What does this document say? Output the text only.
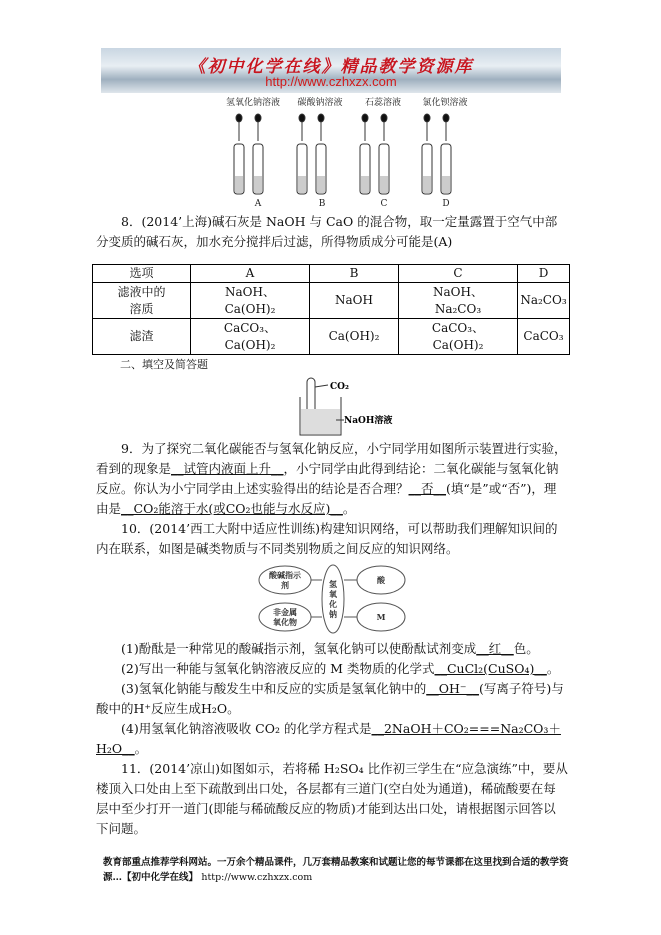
《初中化学在线》精品教学资源库
http://www.czhxzx.com
氢氧化钠溶液 碳酸钠溶液 石蕊溶液 氯化钡溶液
A	B	C	D
8．(2014’上海)碱石灰是 NaOH 与 CaO 的混合物，取一定量露置于空气中部分变质的碱石灰，加水充分搅拌后过滤，所得物质成分可能是(A)
选项	A	B	C	D
滤液中的溶质	NaOH、Ca(OH)₂	NaOH	NaOH、Na₂CO₃	Na₂CO₃
滤渣	CaCO₃、Ca(OH)₂	Ca(OH)₂	CaCO₃、Ca(OH)₂	CaCO₃
二、填空及简答题
CO₂
NaOH溶液
9．为了探究二氧化碳能否与氢氧化钠反应，小宁同学用如图所示装置进行实验，看到的现象是__试管内液面上升__，小宁同学由此得到结论：二氧化碳能与氢氧化钠反应。你认为小宁同学由上述实验得出的结论是否合理？__否__(填“是”或“否”)，理由是__CO₂能溶于水(或CO₂也能与水反应)__。
10．(2014’西工大附中适应性训练)构建知识网络，可以帮助我们理解知识间的内在联系，如图是碱类物质与不同类别物质之间反应的知识网络。
酸碱指示剂	氢氧化钠
酸
非金属氧化物	M
(1)酚酞是一种常见的酸碱指示剂，氢氧化钠可以使酚酞试剂变成__红__色。
(2)写出一种能与氢氧化钠溶液反应的 M 类物质的化学式__CuCl₂(CuSO₄)__。
(3)氢氧化钠能与酸发生中和反应的实质是氢氧化钠中的__OH⁻__(写离子符号)与酸中的H⁺反应生成H₂O。
(4)用氢氧化钠溶液吸收 CO₂ 的化学方程式是__2NaOH＋CO₂===Na₂CO₃＋H₂O__。
11．(2014’凉山)如图如示，若将稀 H₂SO₄ 比作初三学生在“应急演练”中，要从楼顶入口处由上至下疏散到出口处，各层都有三道门(空白处为通道)，稀硫酸要在每层中至少打开一道门(即能与稀硫酸反应的物质)才能到达出口处，请根据图示回答以下问题。
教育部重点推荐学科网站。一万余个精品课件，几万套精品教案和试题让您的每节课都在这里找到合适的教学资源…【初中化学在线】 http://www.czhxzx.com
